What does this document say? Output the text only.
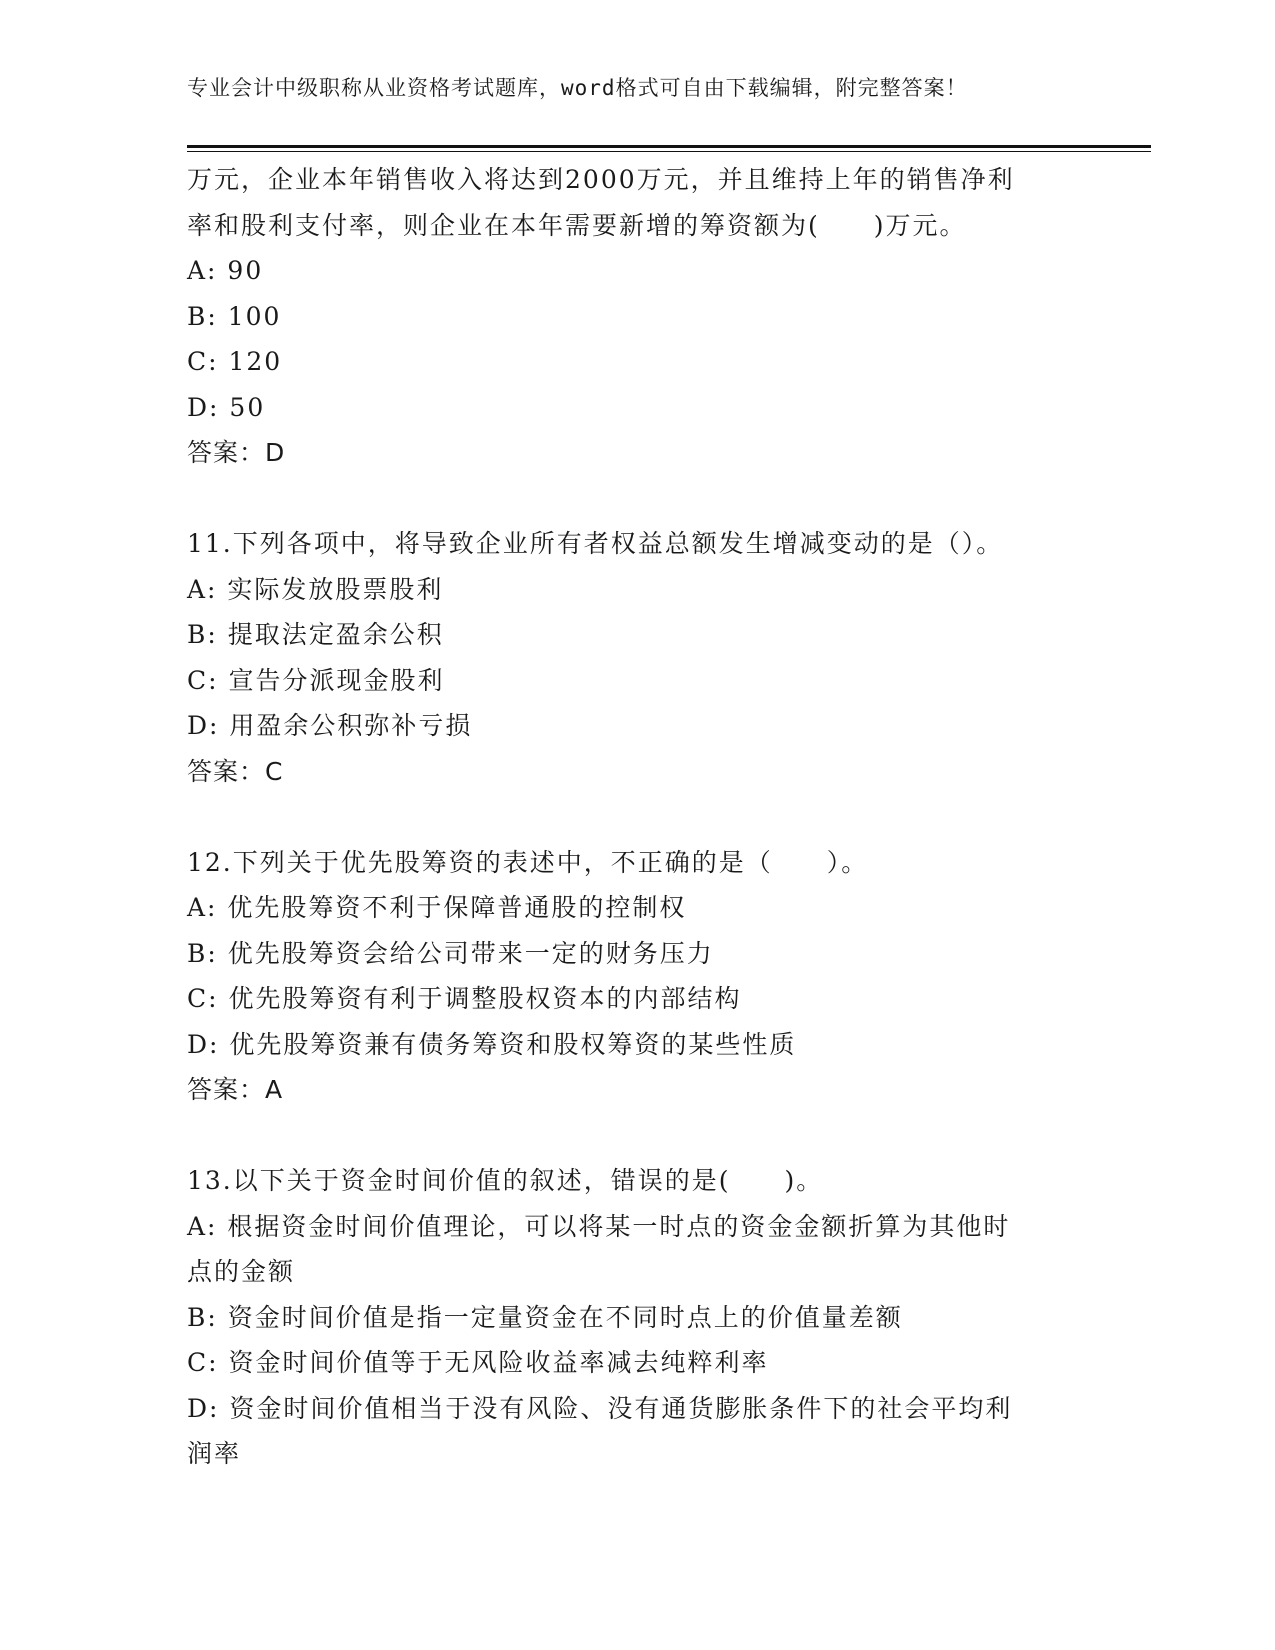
专业会计中级职称从业资格考试题库，word格式可自由下载编辑，附完整答案！
万元，企业本年销售收入将达到2000万元，并且维持上年的销售净利
率和股利支付率，则企业在本年需要新增的筹资额为(　　)万元。
A: 90
B: 100
C: 120
D: 50
答案：D
11.下列各项中，将导致企业所有者权益总额发生增减变动的是（）。
A: 实际发放股票股利
B: 提取法定盈余公积
C: 宣告分派现金股利
D: 用盈余公积弥补亏损
答案：C
12.下列关于优先股筹资的表述中，不正确的是（　　）。
A: 优先股筹资不利于保障普通股的控制权
B: 优先股筹资会给公司带来一定的财务压力
C: 优先股筹资有利于调整股权资本的内部结构
D: 优先股筹资兼有债务筹资和股权筹资的某些性质
答案：A
13.以下关于资金时间价值的叙述，错误的是(　　)。
A: 根据资金时间价值理论，可以将某一时点的资金金额折算为其他时
点的金额
B: 资金时间价值是指一定量资金在不同时点上的价值量差额
C: 资金时间价值等于无风险收益率减去纯粹利率
D: 资金时间价值相当于没有风险、没有通货膨胀条件下的社会平均利
润率
